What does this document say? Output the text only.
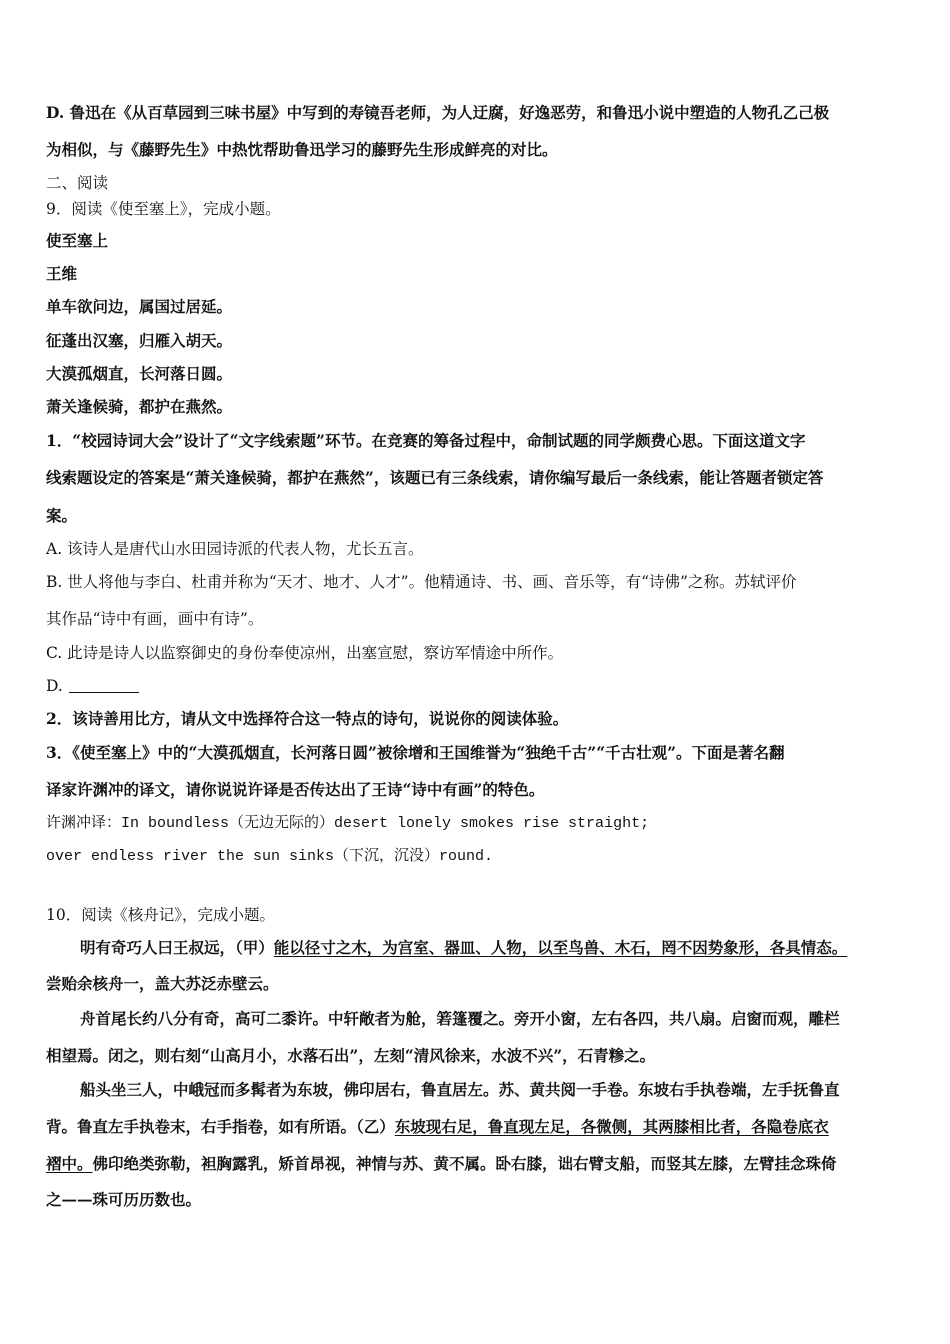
D. 鲁迅在《从百草园到三味书屋》中写到的寿镜吾老师，为人迂腐，好逸恶劳，和鲁迅小说中塑造的人物孔乙己极
为相似，与《藤野先生》中热忱帮助鲁迅学习的藤野先生形成鲜亮的对比。
二、阅读
9．阅读《使至塞上》，完成小题。
使至塞上
王维
单车欲问边，属国过居延。
征蓬出汉塞，归雁入胡天。
大漠孤烟直，长河落日圆。
萧关逢候骑，都护在燕然。
1．“校园诗词大会”设计了“文字线索题”环节。在竞赛的筹备过程中，命制试题的同学颇费心思。下面这道文字
线索题设定的答案是“萧关逢候骑，都护在燕然”，该题已有三条线索，请你编写最后一条线索，能让答题者锁定答
案。
A. 该诗人是唐代山水田园诗派的代表人物，尤长五言。
B. 世人将他与李白、杜甫并称为“天才、地才、人才”。他精通诗、书、画、音乐等，有“诗佛”之称。苏轼评价
其作品“诗中有画，画中有诗”。
C. 此诗是诗人以监察御史的身份奉使凉州，出塞宣慰，察访军情途中所作。
D.
2．该诗善用比方，请从文中选择符合这一特点的诗句，说说你的阅读体验。
3．《使至塞上》中的“大漠孤烟直，长河落日圆”被徐增和王国维誉为“独绝千古”“千古壮观”。下面是著名翻
译家许渊冲的译文，请你说说许译是否传达出了王诗“诗中有画”的特色。
许渊冲译：In boundless（无边无际的）desert lonely smokes rise straight;
over endless river the sun sinks（下沉，沉没）round.
10．阅读《核舟记》，完成小题。
明有奇巧人曰王叔远，（甲）能以径寸之木，为宫室、器皿、人物，以至鸟兽、木石，罔不因势象形，各具情态。
尝贻余核舟一，盖大苏泛赤壁云。
舟首尾长约八分有奇，高可二黍许。中轩敞者为舱，箬篷覆之。旁开小窗，左右各四，共八扇。启窗而观，雕栏
相望焉。闭之，则右刻“山高月小，水落石出”，左刻“清风徐来，水波不兴”，石青糁之。
船头坐三人，中峨冠而多髯者为东坡，佛印居右，鲁直居左。苏、黄共阅一手卷。东坡右手执卷端，左手抚鲁直
背。鲁直左手执卷末，右手指卷，如有所语。（乙）东坡现右足，鲁直现左足，各微侧，其两膝相比者，各隐卷底衣
褶中。佛印绝类弥勒，袒胸露乳，矫首昂视，神情与苏、黄不属。卧右膝，诎右臂支船，而竖其左膝，左臂挂念珠倚
之——珠可历历数也。
